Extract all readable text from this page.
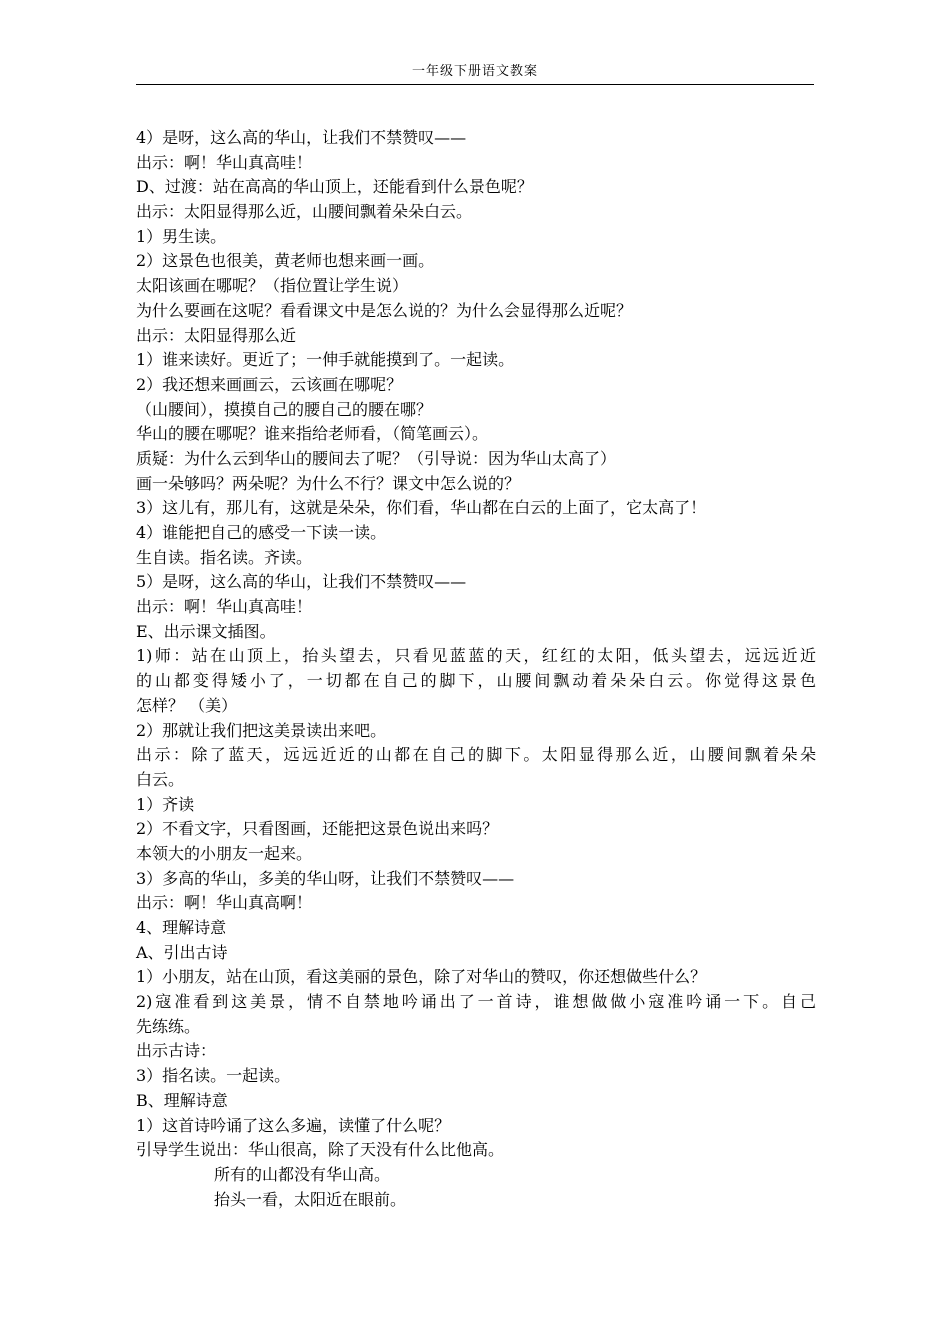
一年级下册语文教案
4）是呀，这么高的华山，让我们不禁赞叹——
出示：啊！华山真高哇！
D、过渡：站在高高的华山顶上，还能看到什么景色呢？
出示：太阳显得那么近，山腰间飘着朵朵白云。
1）男生读。
2）这景色也很美，黄老师也想来画一画。
太阳该画在哪呢？（指位置让学生说）
为什么要画在这呢？看看课文中是怎么说的？为什么会显得那么近呢？
出示：太阳显得那么近
1）谁来读好。更近了；一伸手就能摸到了。一起读。
2）我还想来画画云，云该画在哪呢？
（山腰间），摸摸自己的腰自己的腰在哪？
华山的腰在哪呢？谁来指给老师看，（简笔画云）。
质疑：为什么云到华山的腰间去了呢？（引导说：因为华山太高了）
画一朵够吗？两朵呢？为什么不行？课文中怎么说的？
3）这儿有，那儿有，这就是朵朵，你们看，华山都在白云的上面了，它太高了！
4）谁能把自己的感受一下读一读。
生自读。指名读。齐读。
5）是呀，这么高的华山，让我们不禁赞叹——
出示：啊！华山真高哇！
E、出示课文插图。
1)师：站在山顶上，抬头望去，只看见蓝蓝的天，红红的太阳，低头望去，远远近近
的山都变得矮小了，一切都在自己的脚下，山腰间飘动着朵朵白云。你觉得这景色
怎样？ （美）
2）那就让我们把这美景读出来吧。
出示：除了蓝天，远远近近的山都在自己的脚下。太阳显得那么近，山腰间飘着朵朵
白云。
1）齐读
2）不看文字，只看图画，还能把这景色说出来吗？
本领大的小朋友一起来。
3）多高的华山，多美的华山呀，让我们不禁赞叹——
出示：啊！华山真高啊！
4、理解诗意
A、引出古诗
1）小朋友，站在山顶，看这美丽的景色，除了对华山的赞叹，你还想做些什么？
2)寇准看到这美景，情不自禁地吟诵出了一首诗，谁想做做小寇准吟诵一下。自己
先练练。
出示古诗：
3）指名读。一起读。
B、理解诗意
1）这首诗吟诵了这么多遍，读懂了什么呢？
引导学生说出：华山很高，除了天没有什么比他高。
所有的山都没有华山高。
抬头一看，太阳近在眼前。
